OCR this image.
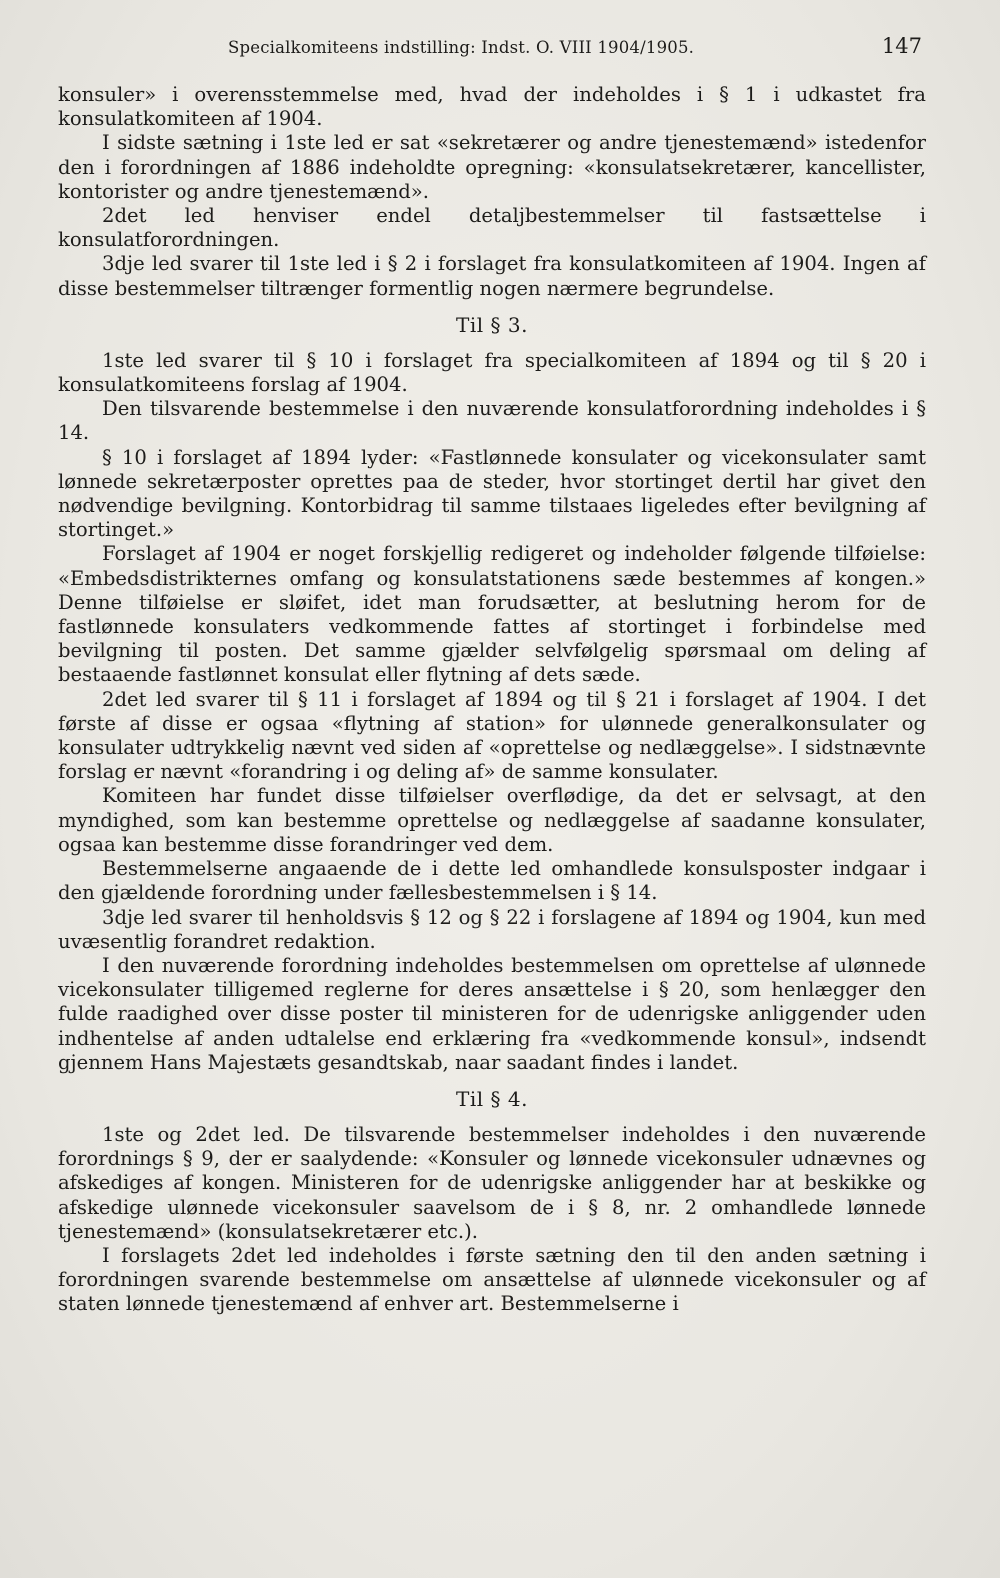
Specialkomiteens indstilling: Indst. O. VIII 1904/1905.	147

konsuler» i overensstemmelse med, hvad der indeholdes i § 1 i udkastet fra konsulatkomiteen af 1904.

I sidste sætning i 1ste led er sat «sekretærer og andre tjenestemænd» istedenfor den i forordningen af 1886 indeholdte opregning: «konsulatsekretærer, kancellister, kontorister og andre tjenestemænd».

2det led henviser endel detaljbestemmelser til fastsættelse i konsulatforordningen.

3dje led svarer til 1ste led i § 2 i forslaget fra konsulatkomiteen af 1904. Ingen af disse bestemmelser tiltrænger formentlig nogen nærmere begrundelse.

Til § 3.

1ste led svarer til § 10 i forslaget fra specialkomiteen af 1894 og til § 20 i konsulatkomiteens forslag af 1904.

Den tilsvarende bestemmelse i den nuværende konsulatforordning indeholdes i § 14.

§ 10 i forslaget af 1894 lyder: «Fastlønnede konsulater og vicekonsulater samt lønnede sekretærposter oprettes paa de steder, hvor stortinget dertil har givet den nødvendige bevilgning. Kontorbidrag til samme tilstaaes ligeledes efter bevilgning af stortinget.»

Forslaget af 1904 er noget forskjellig redigeret og indeholder følgende tilføielse: «Embedsdistrikternes omfang og konsulatstationens sæde bestemmes af kongen.» Denne tilføielse er sløifet, idet man forudsætter, at beslutning herom for de fastlønnede konsulaters vedkommende fattes af stortinget i forbindelse med bevilgning til posten. Det samme gjælder selvfølgelig spørsmaal om deling af bestaaende fastlønnet konsulat eller flytning af dets sæde.

2det led svarer til § 11 i forslaget af 1894 og til § 21 i forslaget af 1904. I det første af disse er ogsaa «flytning af station» for ulønnede generalkonsulater og konsulater udtrykkelig nævnt ved siden af «oprettelse og nedlæggelse». I sidstnævnte forslag er nævnt «forandring i og deling af» de samme konsulater.

Komiteen har fundet disse tilføielser overflødige, da det er selvsagt, at den myndighed, som kan bestemme oprettelse og nedlæggelse af saadanne konsulater, ogsaa kan bestemme disse forandringer ved dem.

Bestemmelserne angaaende de i dette led omhandlede konsulsposter indgaar i den gjældende forordning under fællesbestemmelsen i § 14.

3dje led svarer til henholdsvis § 12 og § 22 i forslagene af 1894 og 1904, kun med uvæsentlig forandret redaktion.

I den nuværende forordning indeholdes bestemmelsen om oprettelse af ulønnede vicekonsulater tilligemed reglerne for deres ansættelse i § 20, som henlægger den fulde raadighed over disse poster til ministeren for de udenrigske anliggender uden indhentelse af anden udtalelse end erklæring fra «vedkommende konsul», indsendt gjennem Hans Majestæts gesandtskab, naar saadant findes i landet.

Til § 4.

1ste og 2det led. De tilsvarende bestemmelser indeholdes i den nuværende forordnings § 9, der er saalydende: «Konsuler og lønnede vicekonsuler udnævnes og afskediges af kongen. Ministeren for de udenrigske anliggender har at beskikke og afskedige ulønnede vicekonsuler saavelsom de i § 8, nr. 2 omhandlede lønnede tjenestemænd» (konsulatsekretærer etc.).

I forslagets 2det led indeholdes i første sætning den til den anden sætning i forordningen svarende bestemmelse om ansættelse af ulønnede vicekonsuler og af staten lønnede tjenestemænd af enhver art. Bestemmelserne i
